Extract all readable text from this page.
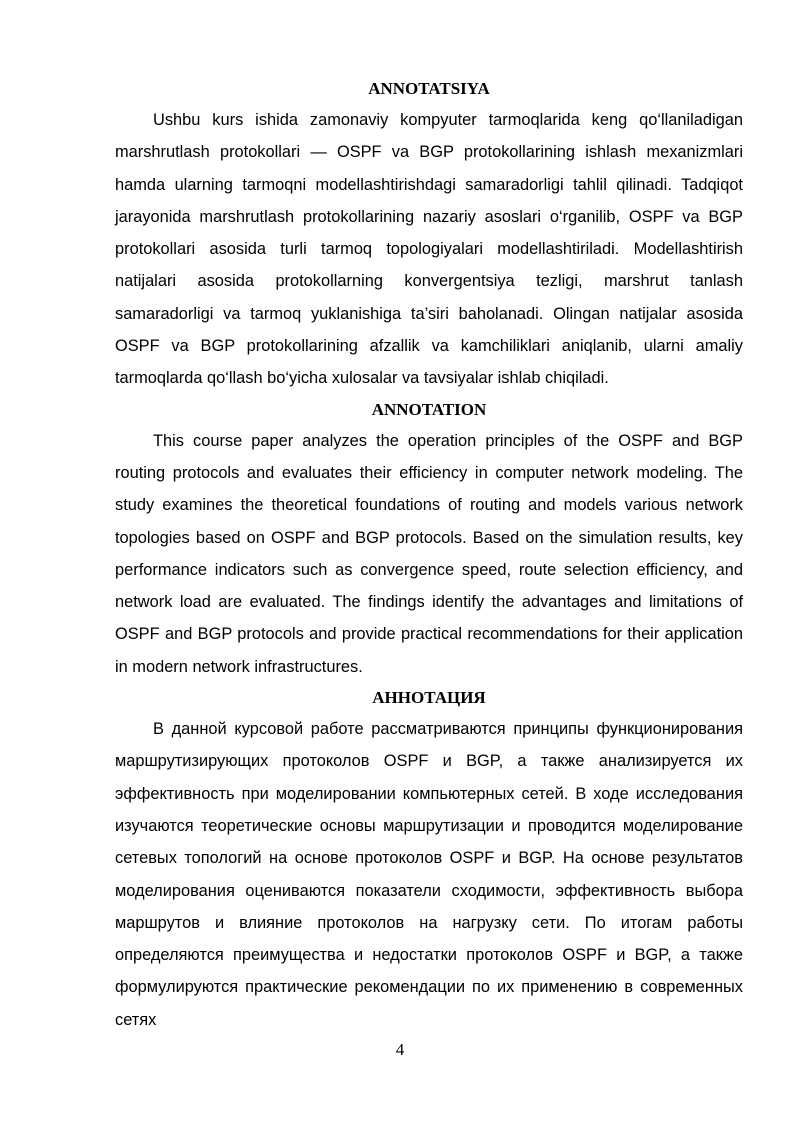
ANNOTATSIYA

Ushbu kurs ishida zamonaviy kompyuter tarmoqlarida keng qo‘llaniladigan marshrutlash protokollari — OSPF va BGP protokollarining ishlash mexanizmlari hamda ularning tarmoqni modellashtirishdagi samaradorligi tahlil qilinadi. Tadqiqot jarayonida marshrutlash protokollarining nazariy asoslari o‘rganilib, OSPF va BGP protokollari asosida turli tarmoq topologiyalari modellashtiriladi. Modellashtirish natijalari asosida protokollarning konvergentsiya tezligi, marshrut tanlash samaradorligi va tarmoq yuklanishiga ta’siri baholanadi. Olingan natijalar asosida OSPF va BGP protokollarining afzallik va kamchiliklari aniqlanib, ularni amaliy tarmoqlarda qo‘llash bo‘yicha xulosalar va tavsiyalar ishlab chiqiladi.

ANNOTATION

This course paper analyzes the operation principles of the OSPF and BGP routing protocols and evaluates their efficiency in computer network modeling. The study examines the theoretical foundations of routing and models various network topologies based on OSPF and BGP protocols. Based on the simulation results, key performance indicators such as convergence speed, route selection efficiency, and network load are evaluated. The findings identify the advantages and limitations of OSPF and BGP protocols and provide practical recommendations for their application in modern network infrastructures.

АННОТАЦИЯ

В данной курсовой работе рассматриваются принципы функционирования маршрутизирующих протоколов OSPF и BGP, а также анализируется их эффективность при моделировании компьютерных сетей. В ходе исследования изучаются теоретические основы маршрутизации и проводится моделирование сетевых топологий на основе протоколов OSPF и BGP. На основе результатов моделирования оцениваются показатели сходимости, эффективность выбора маршрутов и влияние протоколов на нагрузку сети. По итогам работы определяются преимущества и недостатки протоколов OSPF и BGP, а также формулируются практические рекомендации по их применению в современных сетях

4
